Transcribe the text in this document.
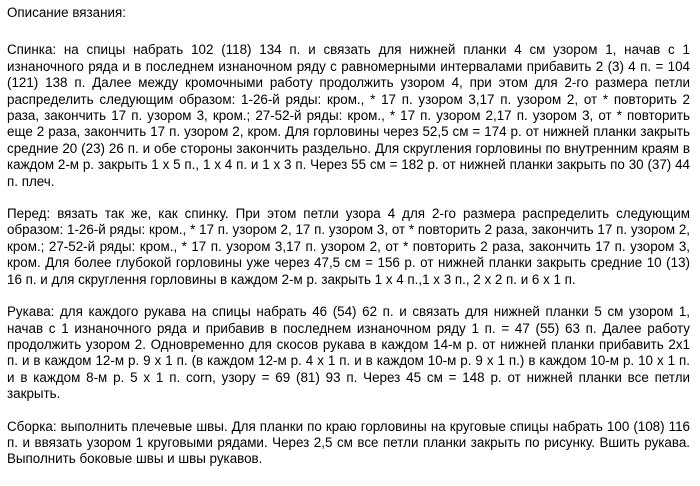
Описание вязания:
Спинка: на спицы набрать 102 (118) 134 п. и связать для нижней планки 4 см узором 1, начав с 1 изнаночного ряда и в последнем изнаночном ряду с равномерными интервалами прибавить 2 (3) 4 п. = 104 (121) 138 п. Далее между кромочными работу продолжить узором 4, при этом для 2-го размера петли распределить следующим образом: 1-26-й ряды: кром., * 17 п. узором 3,17 п. узором 2, от * повторить 2 раза, закончить 17 п. узором 3, кром.; 27-52-й ряды: кром., * 17 п. узором 2,17 п. узором 3, от * повторить еще 2 раза, закончить 17 п. узором 2, кром. Для горловины через 52,5 см = 174 р. от нижней планки закрыть средние 20 (23) 26 п. и обе стороны закончить раздельно. Для скругления горловины по внутренним краям в каждом 2-м р. закрыть 1 х 5 п., 1 х 4 п. и 1 х 3 п. Через 55 см = 182 р. от нижней планки закрыть по 30 (37) 44 п. плеч.
Перед: вязать так же, как спинку. При этом петли узора 4 для 2-го размера распределить следующим образом: 1-26-й ряды: кром., * 17 п. узором 2, 17 п. узором 3, от * повторить 2 раза, закончить 17 п. узором 2, кром.; 27-52-й ряды: кром., * 17 п. узором 3,17 п. узором 2, от * повторить 2 раза, закончить 17 п. узором 3, кром. Для более глубокой горловины уже через 47,5 см = 156 р. от нижней планки закрыть средние 10 (13) 16 п. и для скруглення горловины в каждом 2-м р. закрыть 1 х 4 п.,1 х 3 п., 2 х 2 п. и 6 х 1 п.
Рукава: для каждого рукава на спицы набрать 46 (54) 62 п. и связать для нижней планки 5 см узором 1, начав с 1 изнаночного ряда и прибавив в последнем изнаночном ряду 1 п. = 47 (55) 63 п. Далее работу продолжить узором 2. Одновременно для скосов рукава в каждом 14-м р. от нижней планки прибавить 2х1 п. и в каждом 12-м р. 9 х 1 п. (в каждом 12-м р. 4 х 1 п. и в каждом 10-м р. 9 х 1 п.) в каждом 10-м р. 10 х 1 п. и в каждом 8-м р. 5 х 1 п. corn, узору = 69 (81) 93 п. Через 45 см = 148 р. от нижней планки все петли закрыть.
Сборка: выполнить плечевые швы. Для планки по краю горловины на круговые спицы набрать 100 (108) 116 п. и ввязать узором 1 круговыми рядами. Через 2,5 см все петли планки закрыть по рисунку. Вшить рукава. Выполнить боковые швы и швы рукавов.
